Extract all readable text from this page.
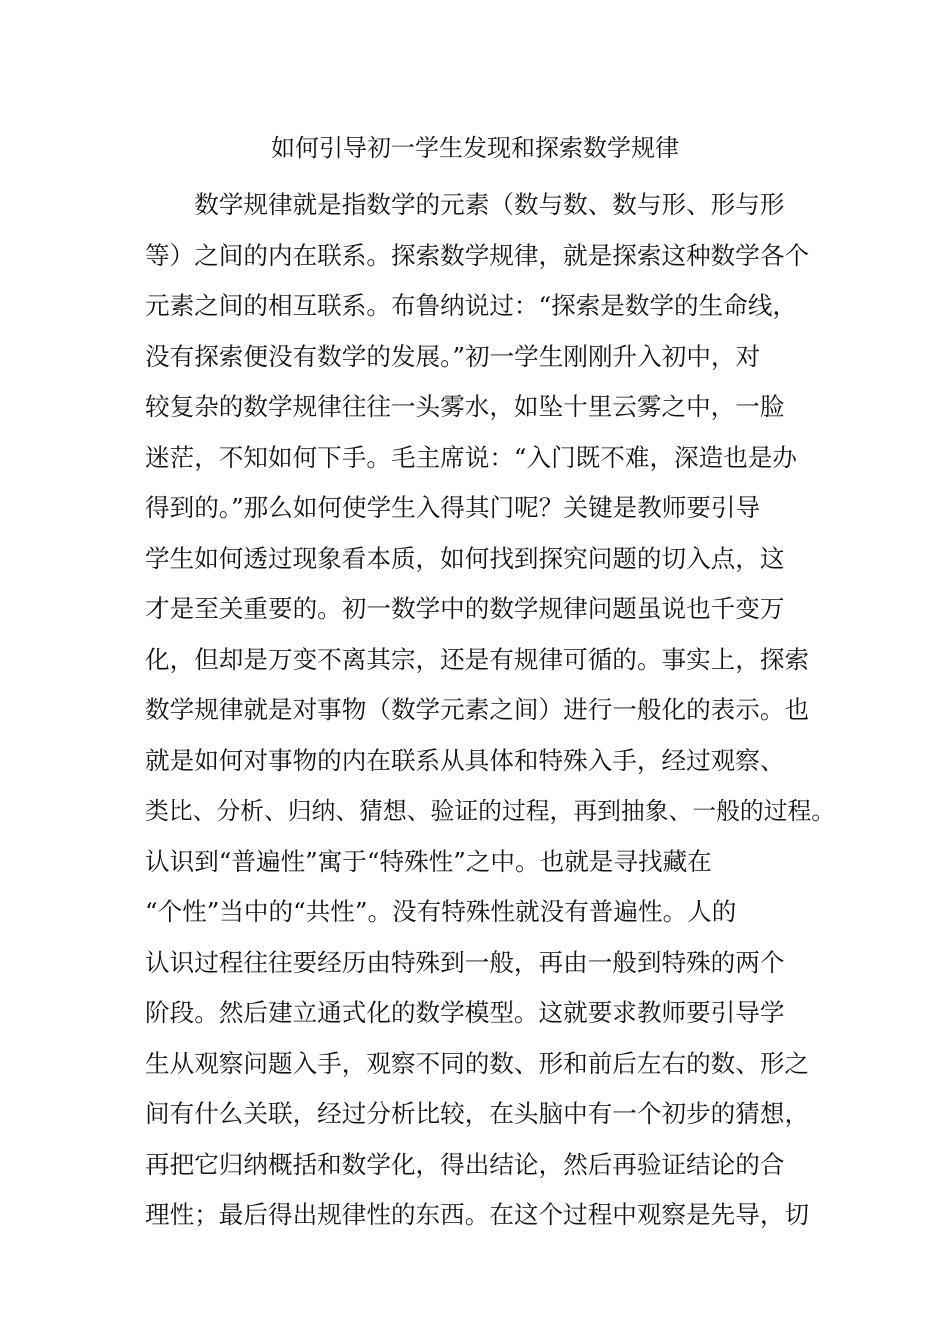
如何引导初一学生发现和探索数学规律
　　数学规律就是指数学的元素（数与数、数与形、形与形
等）之间的内在联系。探索数学规律，就是探索这种数学各个
元素之间的相互联系。布鲁纳说过：“探索是数学的生命线，
没有探索便没有数学的发展。”初一学生刚刚升入初中，对
较复杂的数学规律往往一头雾水，如坠十里云雾之中，一脸
迷茫，不知如何下手。毛主席说：“入门既不难，深造也是办
得到的。”那么如何使学生入得其门呢？关键是教师要引导
学生如何透过现象看本质，如何找到探究问题的切入点，这
才是至关重要的。初一数学中的数学规律问题虽说也千变万
化，但却是万变不离其宗，还是有规律可循的。事实上，探索
数学规律就是对事物（数学元素之间）进行一般化的表示。也
就是如何对事物的内在联系从具体和特殊入手，经过观察、
类比、分析、归纳、猜想、验证的过程，再到抽象、一般的过程。
认识到“普遍性”寓于“特殊性”之中。也就是寻找藏在
“个性”当中的“共性”。没有特殊性就没有普遍性。人的
认识过程往往要经历由特殊到一般，再由一般到特殊的两个
阶段。然后建立通式化的数学模型。这就要求教师要引导学
生从观察问题入手，观察不同的数、形和前后左右的数、形之
间有什么关联，经过分析比较，在头脑中有一个初步的猜想，
再把它归纳概括和数学化，得出结论，然后再验证结论的合
理性；最后得出规律性的东西。在这个过程中观察是先导，切
